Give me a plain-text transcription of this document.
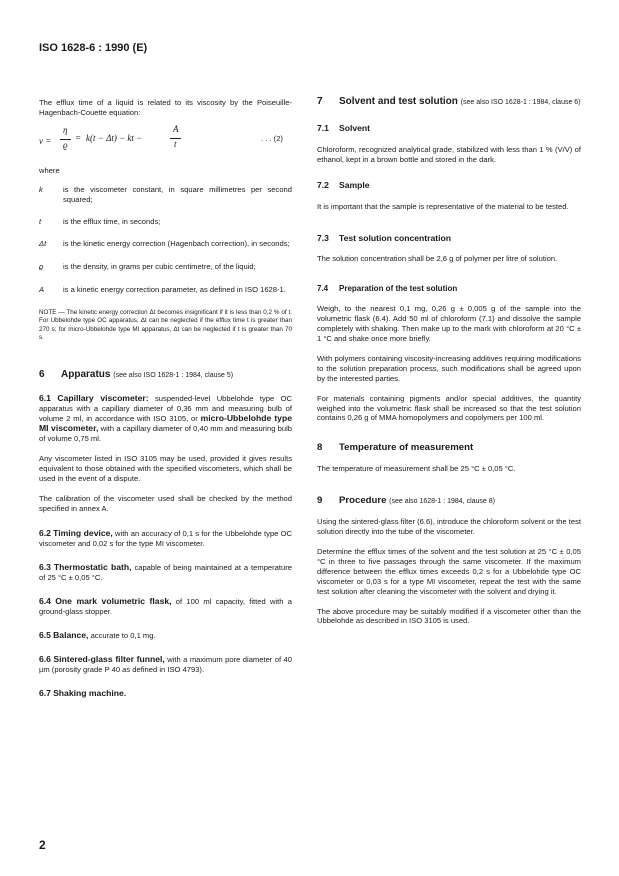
ISO 1628-6 : 1990 (E)

The efflux time of a liquid is related to its viscosity by the Poiseuille-Hagenbach-Couette equation:

ν =
η
ϱ
= k(t − Δt) − kt −
A
t
. . . (2)

where

k	is the viscometer constant, in square millimetres per second squared;
t	is the efflux time, in seconds;
Δt	is the kinetic energy correction (Hagenbach correction), in seconds;
ϱ	is the density, in grams per cubic centimetre, of the liquid;
A	is a kinetic energy correction parameter, as defined in ISO 1628-1.

NOTE — The kinetic energy correction Δt becomes insignificant if it is less than 0,2 % of t. For Ubbelohde type OC apparatus, Δt can be neglected if the efflux time t is greater than 270 s; for micro-Ubbelohde type MI apparatus, Δt can be neglected if t is greater than 70 s.

6 Apparatus (see also ISO 1628-1 : 1984, clause 5)

6.1 Capillary viscometer: suspended-level Ubbelohde type OC apparatus with a capillary diameter of 0,36 mm and measuring bulb of volume 2 ml, in accordance with ISO 3105, or micro-Ubbelohde type MI viscometer, with a capillary diameter of 0,40 mm and measuring bulb of volume 0,75 ml.

Any viscometer listed in ISO 3105 may be used, provided it gives results equivalent to those obtained with the specified viscometers, which shall be used in the event of a dispute.

The calibration of the viscometer used shall be checked by the method specified in annex A.

6.2 Timing device, with an accuracy of 0,1 s for the Ubbelohde type OC viscometer and 0,02 s for the type MI viscometer.

6.3 Thermostatic bath, capable of being maintained at a temperature of 25 °C ± 0,05 °C.

6.4 One mark volumetric flask, of 100 ml capacity, fitted with a ground-glass stopper.

6.5 Balance, accurate to 0,1 mg.

6.6 Sintered-glass filter funnel, with a maximum pore diameter of 40 µm (porosity grade P 40 as defined in ISO 4793).

6.7 Shaking machine.

7 Solvent and test solution (see also ISO 1628-1 : 1984, clause 6)

7.1 Solvent

Chloroform, recognized analytical grade, stabilized with less than 1 % (V/V) of ethanol, kept in a brown bottle and stored in the dark.

7.2 Sample

It is important that the sample is representative of the material to be tested.

7.3 Test solution concentration

The solution concentration shall be 2,6 g of polymer per litre of solution.

7.4 Preparation of the test solution

Weigh, to the nearest 0,1 mg, 0,26 g ± 0,005 g of the sample into the volumetric flask (6.4). Add 50 ml of chloroform (7.1) and dissolve the sample completely with shaking. Then make up to the mark with chloroform at 20 °C ± 1 °C and shake once more briefly.

With polymers containing viscosity-increasing additives requiring modifications to the solution preparation process, such modifications shall be agreed upon by the interested parties.

For materials containing pigments and/or special additives, the quantity weighed into the volumetric flask shall be increased so that the test solution contains 0,26 g of MMA homopolymers and copolymers per 100 ml.

8 Temperature of measurement

The temperature of measurement shall be 25 °C ± 0,05 °C.

9 Procedure (see also 1628-1 : 1984, clause 8)

Using the sintered-glass filter (6.6), introduce the chloroform solvent or the test solution directly into the tube of the viscometer.

Determine the efflux times of the solvent and the test solution at 25 °C ± 0,05 °C in three to five passages through the same viscometer. If the maximum difference between the efflux times exceeds 0,2 s for a Ubbelohde type OC viscometer or 0,03 s for a type MI viscometer, repeat the test with the same test solution after cleaning the viscometer with the solvent and drying it.

The above procedure may be suitably modified if a viscometer other than the Ubbelohde as described in ISO 3105 is used.

2
